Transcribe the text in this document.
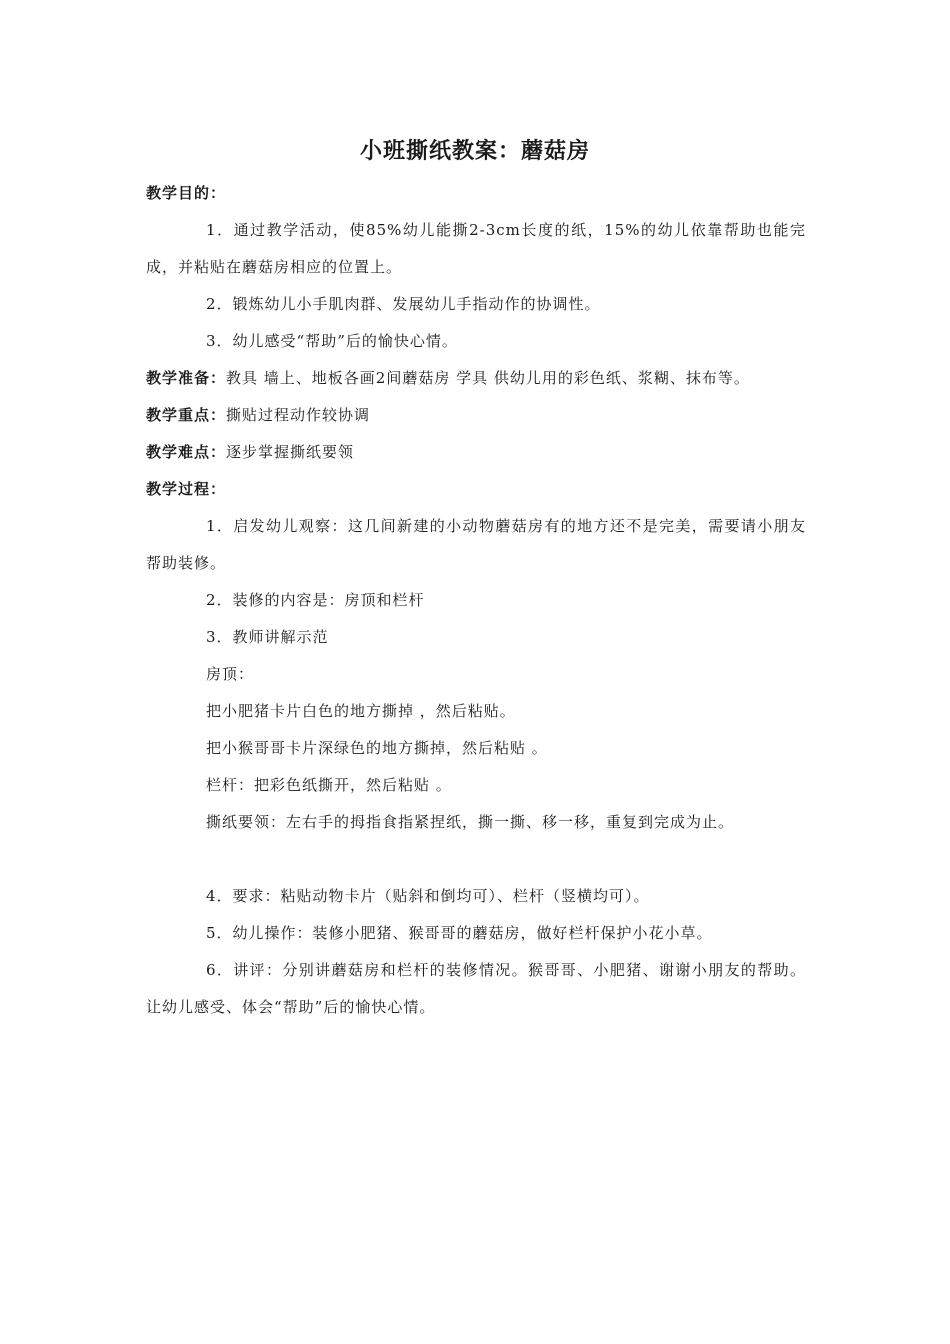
小班撕纸教案：蘑菇房

教学目的：

1．通过教学活动，使85%幼儿能撕2-3cm长度的纸，15%的幼儿依靠帮助也能完成，并粘贴在蘑菇房相应的位置上。

2．锻炼幼儿小手肌肉群、发展幼儿手指动作的协调性。

3．幼儿感受“帮助”后的愉快心情。

教学准备：教具 墙上、地板各画2间蘑菇房 学具 供幼儿用的彩色纸、浆糊、抹布等。

教学重点：撕贴过程动作较协调

教学难点：逐步掌握撕纸要领

教学过程：

1．启发幼儿观察：这几间新建的小动物蘑菇房有的地方还不是完美，需要请小朋友帮助装修。

2．装修的内容是：房顶和栏杆

3．教师讲解示范

房顶：

把小肥猪卡片白色的地方撕掉 ，然后粘贴。

把小猴哥哥卡片深绿色的地方撕掉，然后粘贴 。

栏杆：把彩色纸撕开，然后粘贴 。

撕纸要领：左右手的拇指食指紧捏纸，撕一撕、移一移，重复到完成为止。

4．要求：粘贴动物卡片（贴斜和倒均可）、栏杆（竖横均可）。

5．幼儿操作：装修小肥猪、猴哥哥的蘑菇房，做好栏杆保护小花小草。

6．讲评：分别讲蘑菇房和栏杆的装修情况。猴哥哥、小肥猪、谢谢小朋友的帮助。让幼儿感受、体会“帮助”后的愉快心情。
